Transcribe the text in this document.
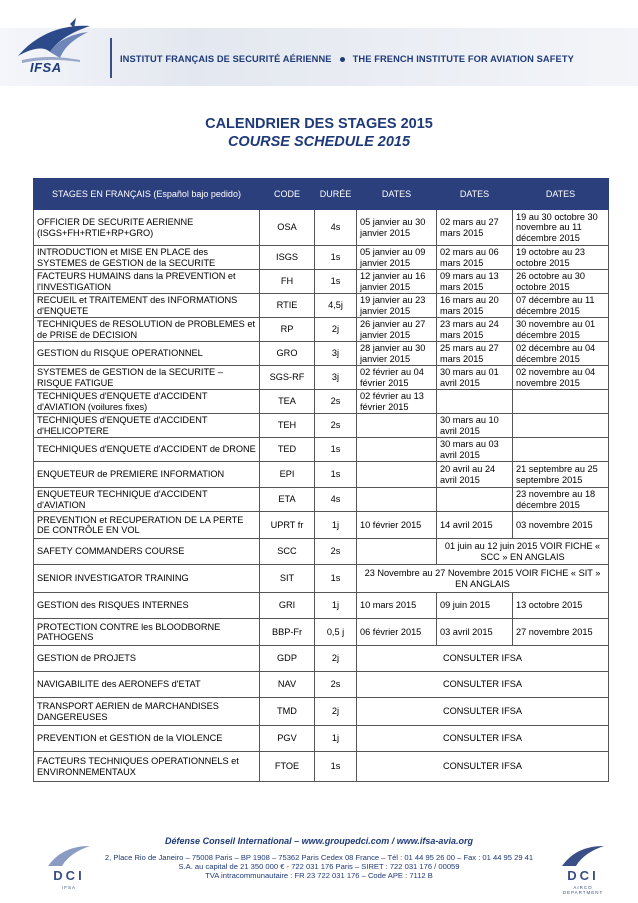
IFSA
INSTITUT FRANÇAIS DE SECURITÉ AÉRIENNE THE FRENCH INSTITUTE FOR AVIATION SAFETY
CALENDRIER DES STAGES 2015
COURSE SCHEDULE 2015
STAGES EN FRANÇAIS (Español bajo pedido)	CODE	DURÉE	DATES	DATES	DATES
OFFICIER DE SECURITE AERIENNE (ISGS+FH+RTIE+RP+GRO)	OSA	4s	05 janvier au 30 janvier 2015	02 mars au 27 mars 2015	19 au 30 octobre 30 novembre au 11 décembre 2015
INTRODUCTION et MISE EN PLACE des SYSTEMES de GESTION de la SECURITE	ISGS	1s	05 janvier au 09 janvier 2015	02 mars au 06 mars 2015	19 octobre au 23 octobre 2015
FACTEURS HUMAINS dans la PREVENTION et l'INVESTIGATION	FH	1s	12 janvier au 16 janvier 2015	09 mars au 13 mars 2015	26 octobre au 30 octobre 2015
RECUEIL et TRAITEMENT des INFORMATIONS d'ENQUETE	RTIE	4,5j	19 janvier au 23 janvier 2015	16 mars au 20 mars 2015	07 décembre au 11 décembre 2015
TECHNIQUES de RESOLUTION de PROBLEMES et de PRISE de DECISION	RP	2j	26 janvier au 27 janvier 2015	23 mars au 24 mars 2015	30 novembre au 01 décembre 2015
GESTION du RISQUE OPERATIONNEL	GRO	3j	28 janvier au 30 janvier 2015	25 mars au 27 mars 2015	02 décembre au 04 décembre 2015
SYSTEMES de GESTION de la SECURITE – RISQUE FATIGUE	SGS-RF	3j	02 février au 04 février 2015	30 mars au 01 avril 2015	02 novembre au 04 novembre 2015
TECHNIQUES d'ENQUETE d'ACCIDENT d'AVIATION (voilures fixes)	TEA	2s	02 février au 13 février 2015		
TECHNIQUES d'ENQUETE d'ACCIDENT d'HELICOPTERE	TEH	2s		30 mars au 10 avril 2015	
TECHNIQUES d'ENQUETE d'ACCIDENT de DRONE	TED	1s		30 mars au 03 avril 2015	
ENQUETEUR de PREMIERE INFORMATION	EPI	1s		20 avril au 24 avril 2015	21 septembre au 25 septembre 2015
ENQUETEUR TECHNIQUE d'ACCIDENT d'AVIATION	ETA	4s			23 novembre au 18 décembre 2015
PREVENTION et RECUPERATION DE LA PERTE DE CONTRÔLE EN VOL	UPRT fr	1j	10 février 2015	14 avril 2015	03 novembre 2015
SAFETY COMMANDERS COURSE	SCC	2s		01 juin au 12 juin 2015 VOIR FICHE « SCC » EN ANGLAIS	
SENIOR INVESTIGATOR TRAINING	SIT	1s	23 Novembre au 27 Novembre 2015 VOIR FICHE « SIT » EN ANGLAIS		
GESTION des RISQUES INTERNES	GRI	1j	10 mars 2015	09 juin 2015	13 octobre 2015
PROTECTION CONTRE les BLOODBORNE PATHOGENS	BBP-Fr	0,5 j	06 février 2015	03 avril 2015	27 novembre 2015
GESTION de PROJETS	GDP	2j	CONSULTER IFSA		
NAVIGABILITE des AERONEFS d'ETAT	NAV	2s	CONSULTER IFSA		
TRANSPORT AERIEN de MARCHANDISES DANGEREUSES	TMD	2j	CONSULTER IFSA		
PREVENTION et GESTION de la VIOLENCE	PGV	1j	CONSULTER IFSA		
FACTEURS TECHNIQUES OPERATIONNELS et ENVIRONNEMENTAUX	FTOE	1s	CONSULTER IFSA		
DCI
IFSA
DCI
AIRCO DEPARTMENT
Défense Conseil International – www.groupedci.com / www.ifsa-avia.org
2, Place Rio de Janeiro – 75008 Paris – BP 1908 – 75362 Paris Cedex 08 France – Tél : 01 44 95 26 00 – Fax : 01 44 95 29 41
S.A. au capital de 21 350 000 € - 722 031 176 Paris – SIRET : 722 031 176 / 00059
TVA intracommunautaire : FR 23 722 031 176 – Code APE : 7112 B
